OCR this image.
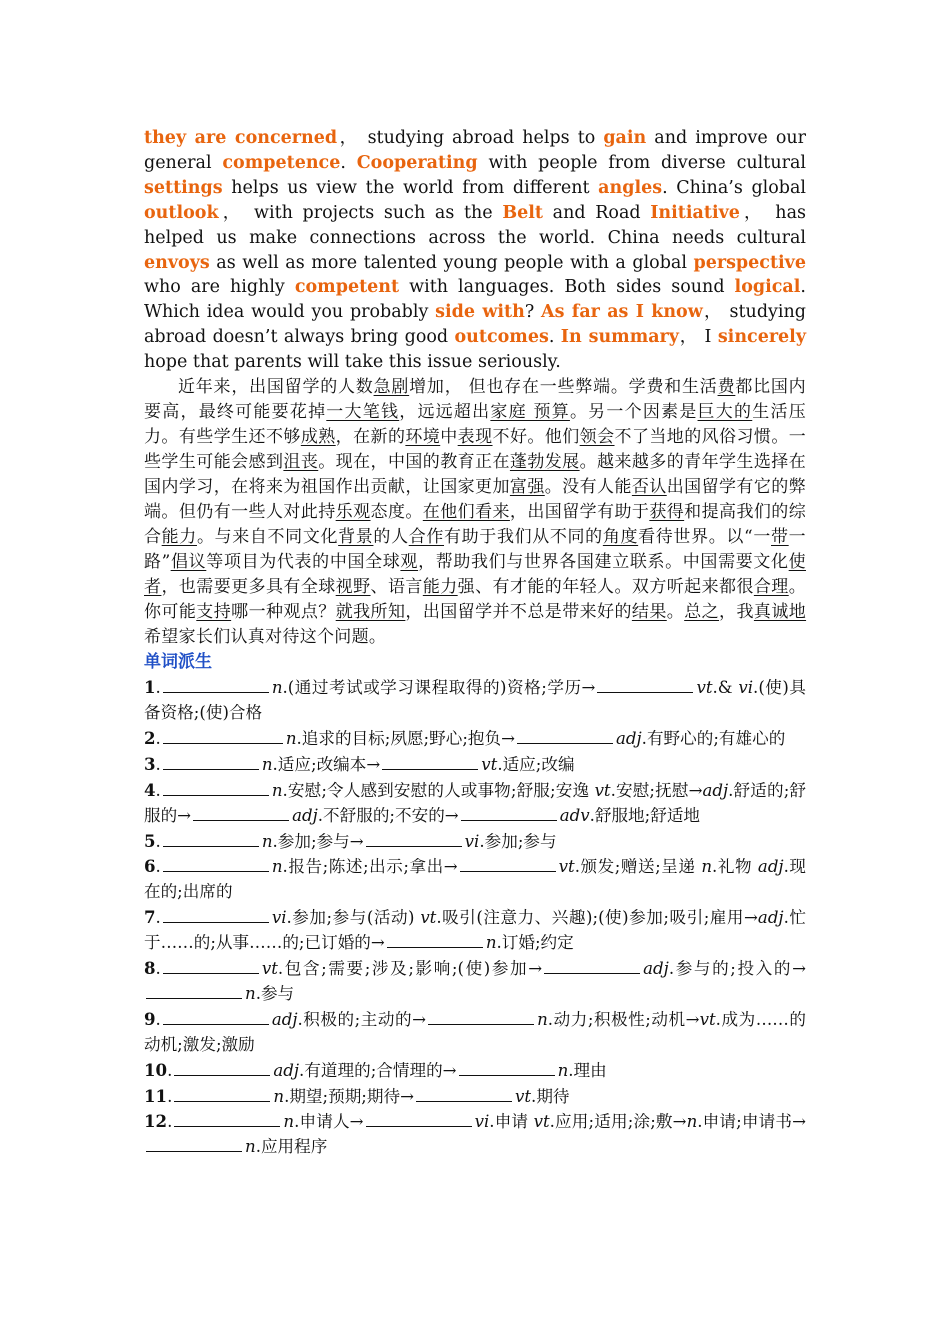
they are concerned， studying abroad helps to gain and improve our general competence. Cooperating with people from diverse cultural settings helps us view the world from different angles. China’s global outlook， with projects such as the Belt and Road Initiative， has helped us make connections across the world. China needs cultural envoys as well as more talented young people with a global perspective who are highly competent with languages. Both sides sound logical. Which idea would you probably side with? As far as I know， studying abroad doesn’t always bring good outcomes. In summary， I sincerely hope that parents will take this issue seriously.

近年来，出国留学的人数急剧增加， 但也存在一些弊端。学费和生活费都比国内要高，最终可能要花掉一大笔钱，远远超出家庭 预算。另一个因素是巨大的生活压力。有些学生还不够成熟，在新的环境中表现不好。他们领会不了当地的风俗习惯。一些学生可能会感到沮丧。现在，中国的教育正在蓬勃发展。越来越多的青年学生选择在国内学习，在将来为祖国作出贡献，让国家更加富强。没有人能否认出国留学有它的弊端。但仍有一些人对此持乐观态度。在他们看来，出国留学有助于获得和提高我们的综合能力。与来自不同文化背景的人合作有助于我们从不同的角度看待世界。以“一带一路”倡议等项目为代表的中国全球观，帮助我们与世界各国建立联系。中国需要文化使者，也需要更多具有全球视野、语言能力强、有才能的年轻人。双方听起来都很合理。你可能支持哪一种观点？就我所知，出国留学并不总是带来好的结果。总之，我真诚地希望家长们认真对待这个问题。

单词派生

1.	n.(通过考试或学习课程取得的)资格;学历→	vt.& vi.(使)具备资格;(使)合格

2.	n.追求的目标;夙愿;野心;抱负→	adj.有野心的;有雄心的

3.	n.适应;改编本→	vt.适应;改编

4.	n.安慰;令人感到安慰的人或事物;舒服;安逸 vt.安慰;抚慰→adj.舒适的;舒服的→	adj.不舒服的;不安的→	adv.舒服地;舒适地

5.	n.参加;参与→	vi.参加;参与

6.	n.报告;陈述;出示;拿出→	vt.颁发;赠送;呈递 n.礼物 adj.现在的;出席的

7.	vi.参加;参与(活动) vt.吸引(注意力、兴趣);(使)参加;吸引;雇用→adj.忙于……的;从事……的;已订婚的→	n.订婚;约定

8.	vt.包含;需要;涉及;影响;(使)参加→	adj.参与的;投入的→n.参与

9.	adj.积极的;主动的→	n.动力;积极性;动机→vt.成为……的动机;激发;激励

10.	adj.有道理的;合情理的→	n.理由

11.	n.期望;预期;期待→	vt.期待

12.	n.申请人→	vi.申请 vt.应用;适用;涂;敷→n.申请;申请书→n.应用程序
